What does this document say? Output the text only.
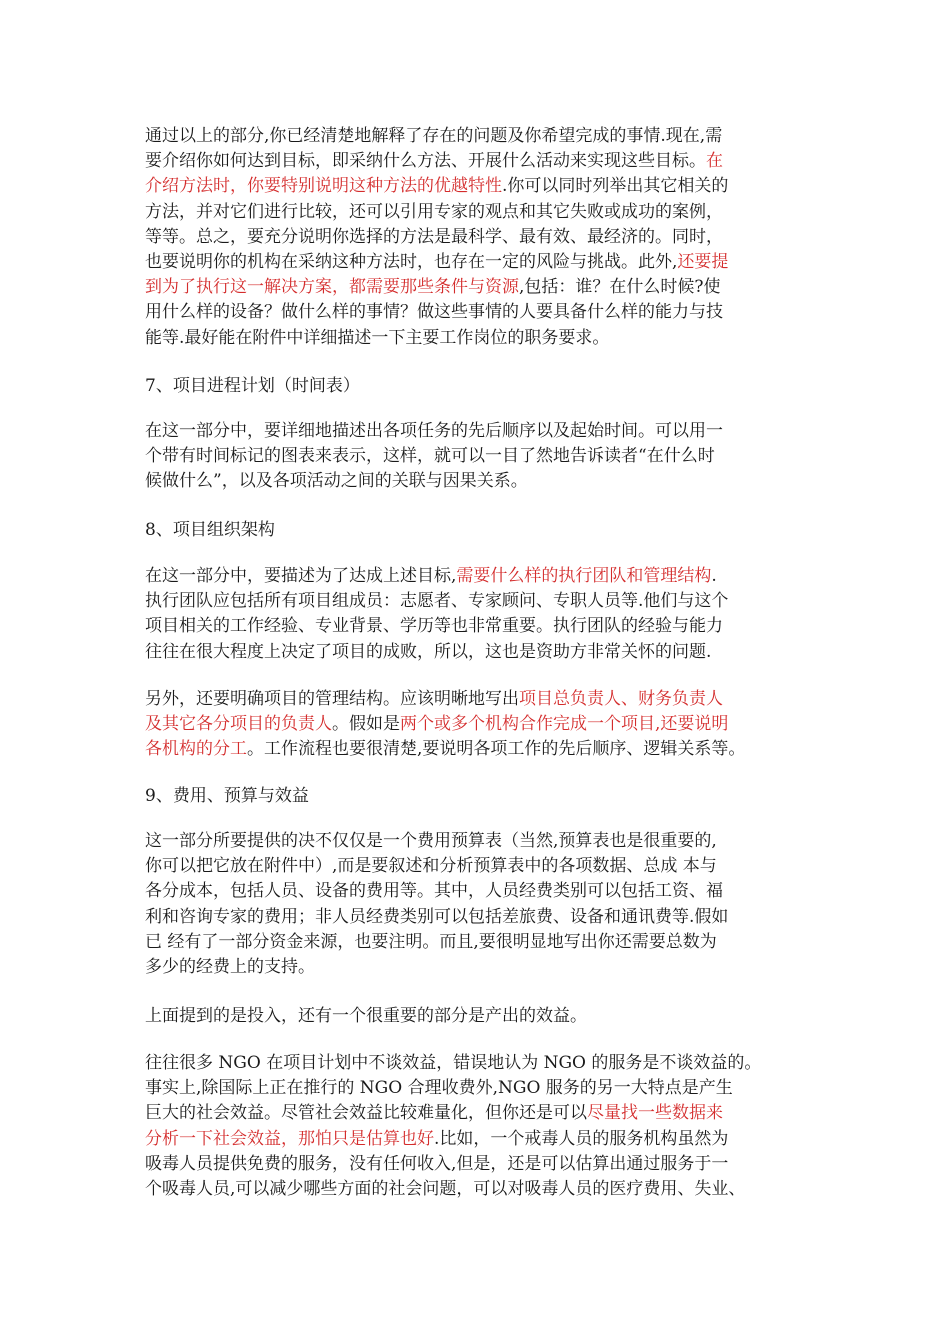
通过以上的部分,你已经清楚地解释了存在的问题及你希望完成的事情.现在,需
要介绍你如何达到目标，即采纳什么方法、开展什么活动来实现这些目标。在
介绍方法时，你要特别说明这种方法的优越特性.你可以同时列举出其它相关的
方法，并对它们进行比较，还可以引用专家的观点和其它失败或成功的案例，
等等。总之，要充分说明你选择的方法是最科学、最有效、最经济的。同时，
也要说明你的机构在采纳这种方法时，也存在一定的风险与挑战。此外,还要提
到为了执行这一解决方案，都需要那些条件与资源,包括：谁？在什么时候?使
用什么样的设备？做什么样的事情？做这些事情的人要具备什么样的能力与技
能等.最好能在附件中详细描述一下主要工作岗位的职务要求。
7、项目进程计划（时间表）
在这一部分中，要详细地描述出各项任务的先后顺序以及起始时间。可以用一
个带有时间标记的图表来表示，这样，就可以一目了然地告诉读者“在什么时
候做什么”，以及各项活动之间的关联与因果关系。
8、项目组织架构
在这一部分中，要描述为了达成上述目标,需要什么样的执行团队和管理结构.
执行团队应包括所有项目组成员：志愿者、专家顾问、专职人员等.他们与这个
项目相关的工作经验、专业背景、学历等也非常重要。执行团队的经验与能力
往往在很大程度上决定了项目的成败，所以，这也是资助方非常关怀的问题.
另外，还要明确项目的管理结构。应该明晰地写出项目总负责人、财务负责人
及其它各分项目的负责人。假如是两个或多个机构合作完成一个项目,还要说明
各机构的分工。工作流程也要很清楚,要说明各项工作的先后顺序、逻辑关系等。
9、费用、预算与效益
这一部分所要提供的决不仅仅是一个费用预算表（当然,预算表也是很重要的,
你可以把它放在附件中）,而是要叙述和分析预算表中的各项数据、总成 本与
各分成本，包括人员、设备的费用等。其中，人员经费类别可以包括工资、福
利和咨询专家的费用；非人员经费类别可以包括差旅费、设备和通讯费等.假如
已 经有了一部分资金来源，也要注明。而且,要很明显地写出你还需要总数为
多少的经费上的支持。
上面提到的是投入，还有一个很重要的部分是产出的效益。
往往很多 NGO 在项目计划中不谈效益，错误地认为 NGO 的服务是不谈效益的。
事实上,除国际上正在推行的 NGO 合理收费外,NGO 服务的另一大特点是产生
巨大的社会效益。尽管社会效益比较难量化，但你还是可以尽量找一些数据来
分析一下社会效益，那怕只是估算也好.比如，一个戒毒人员的服务机构虽然为
吸毒人员提供免费的服务，没有任何收入,但是，还是可以估算出通过服务于一
个吸毒人员,可以减少哪些方面的社会问题，可以对吸毒人员的医疗费用、失业、
